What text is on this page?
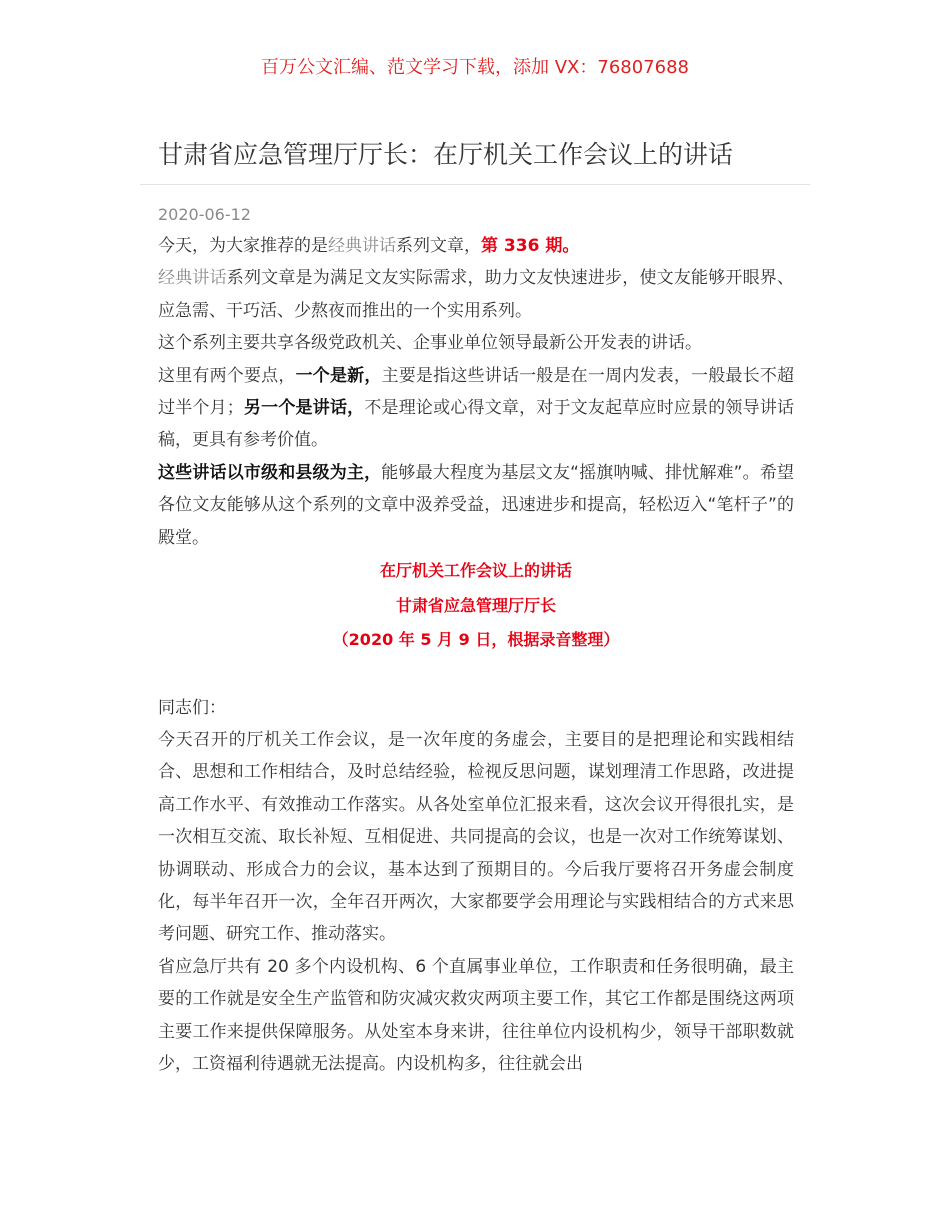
百万公文汇编、范文学习下载，添加 VX：76807688
甘肃省应急管理厅厅长：在厅机关工作会议上的讲话
2020-06-12

今天，为大家推荐的是经典讲话系列文章，第 336 期。

经典讲话系列文章是为满足文友实际需求，助力文友快速进步，使文友能够开眼界、应急需、干巧活、少熬夜而推出的一个实用系列。

这个系列主要共享各级党政机关、企事业单位领导最新公开发表的讲话。

这里有两个要点，一个是新，主要是指这些讲话一般是在一周内发表，一般最长不超过半个月；另一个是讲话，不是理论或心得文章，对于文友起草应时应景的领导讲话稿，更具有参考价值。

这些讲话以市级和县级为主，能够最大程度为基层文友“摇旗呐喊、排忧解难”。希望各位文友能够从这个系列的文章中汲养受益，迅速进步和提高，轻松迈入“笔杆子”的殿堂。

在厅机关工作会议上的讲话

甘肃省应急管理厅厅长

（2020 年 5 月 9 日，根据录音整理）

同志们：

今天召开的厅机关工作会议，是一次年度的务虚会，主要目的是把理论和实践相结合、思想和工作相结合，及时总结经验，检视反思问题，谋划理清工作思路，改进提高工作水平、有效推动工作落实。从各处室单位汇报来看，这次会议开得很扎实，是一次相互交流、取长补短、互相促进、共同提高的会议，也是一次对工作统筹谋划、协调联动、形成合力的会议，基本达到了预期目的。今后我厅要将召开务虚会制度化，每半年召开一次，全年召开两次，大家都要学会用理论与实践相结合的方式来思考问题、研究工作、推动落实。

省应急厅共有 20 多个内设机构、6 个直属事业单位，工作职责和任务很明确，最主要的工作就是安全生产监管和防灾减灾救灾两项主要工作，其它工作都是围绕这两项主要工作来提供保障服务。从处室本身来讲，往往单位内设机构少，领导干部职数就少，工资福利待遇就无法提高。内设机构多，往往就会出
